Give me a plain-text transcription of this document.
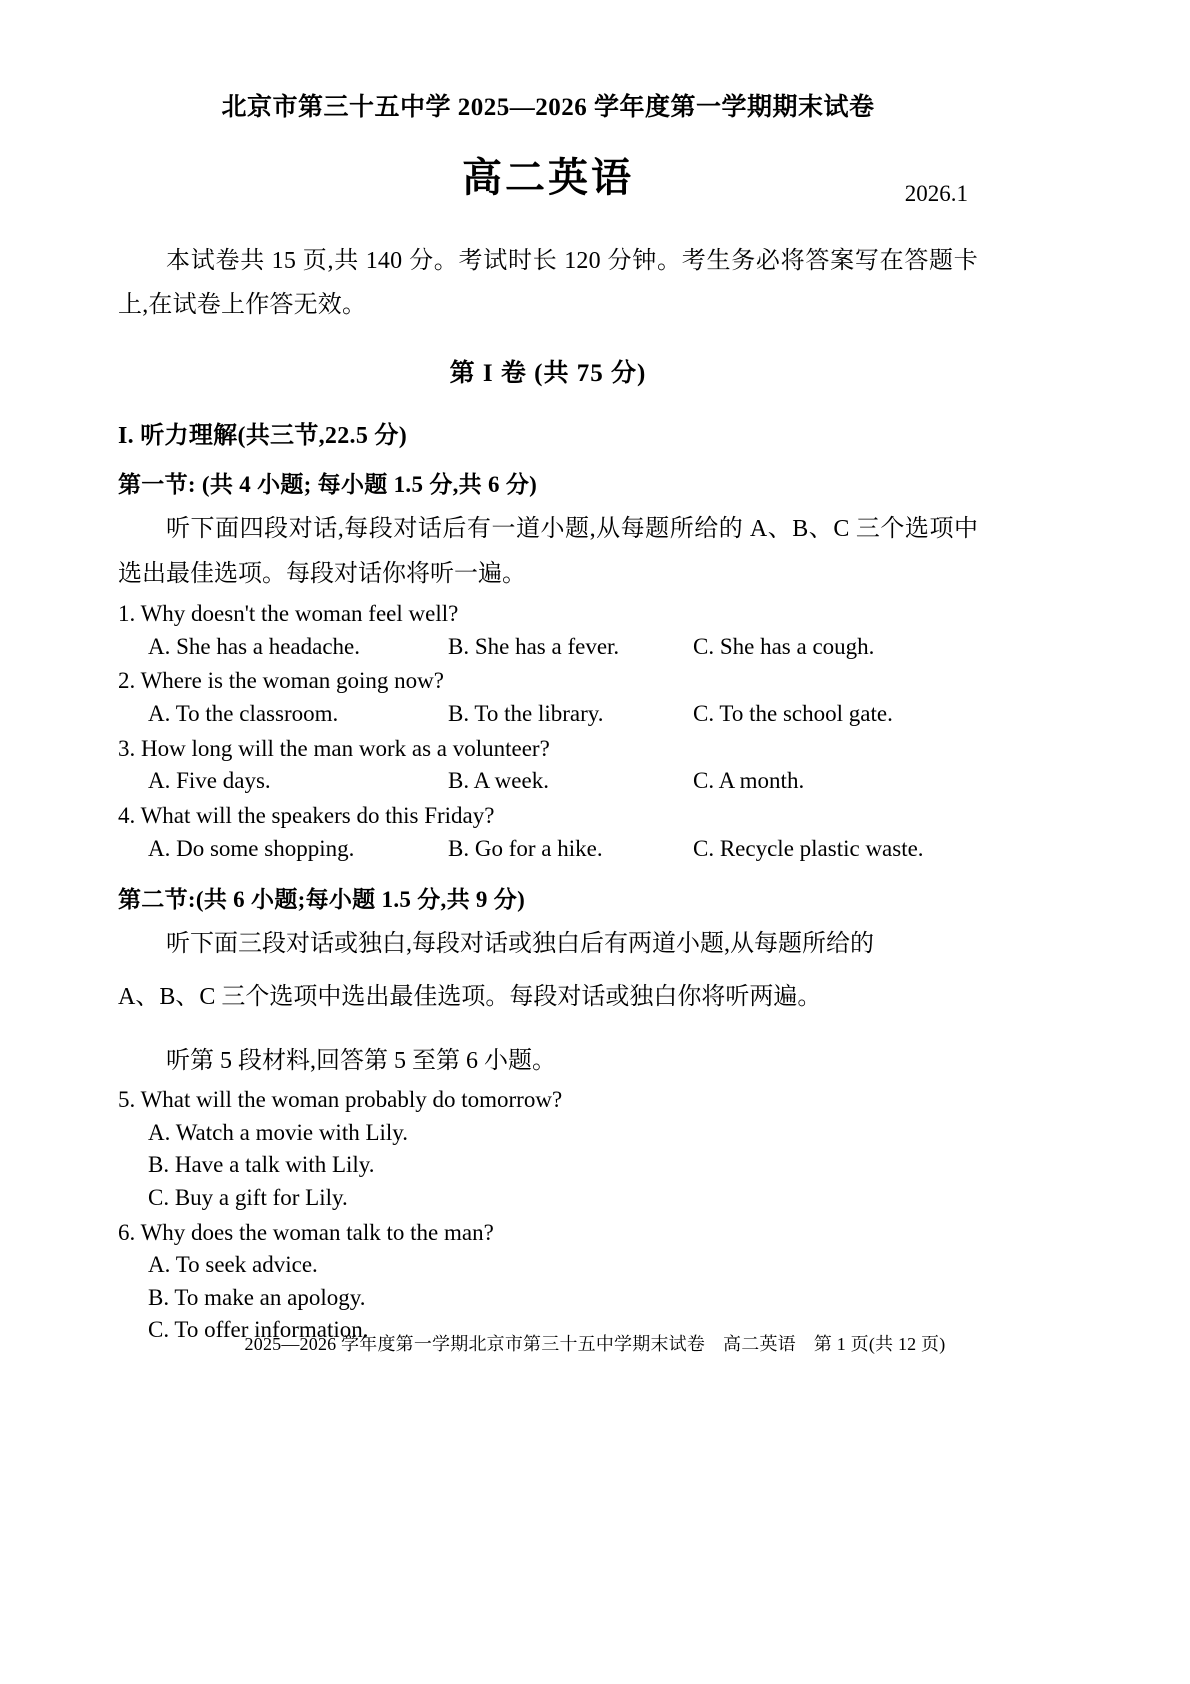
北京市第三十五中学 2025—2026 学年度第一学期期末试卷
高二英语	2026.1
本试卷共 15 页,共 140 分。考试时长 120 分钟。考生务必将答案写在答题卡上,在试卷上作答无效。
第 I 卷 (共 75 分)
I. 听力理解(共三节,22.5 分)
第一节: (共 4 小题; 每小题 1.5 分,共 6 分)
听下面四段对话,每段对话后有一道小题,从每题所给的 A、B、C 三个选项中选出最佳选项。每段对话你将听一遍。
1. Why doesn't the woman feel well?
A. She has a headache.	B. She has a fever.	C. She has a cough.
2. Where is the woman going now?
A. To the classroom.	B. To the library.	C. To the school gate.
3. How long will the man work as a volunteer?
A. Five days.	B. A week.	C. A month.
4. What will the speakers do this Friday?
A. Do some shopping.	B. Go for a hike.	C. Recycle plastic waste.
第二节:(共 6 小题;每小题 1.5 分,共 9 分)
听下面三段对话或独白,每段对话或独白后有两道小题,从每题所给的
A、B、C 三个选项中选出最佳选项。每段对话或独白你将听两遍。
听第 5 段材料,回答第 5 至第 6 小题。
5. What will the woman probably do tomorrow?
A. Watch a movie with Lily.
B. Have a talk with Lily.
C. Buy a gift for Lily.
6. Why does the woman talk to the man?
A. To seek advice.
B. To make an apology.
C. To offer information.
2025—2026 学年度第一学期北京市第三十五中学期末试卷 高二英语 第 1 页(共 12 页)
